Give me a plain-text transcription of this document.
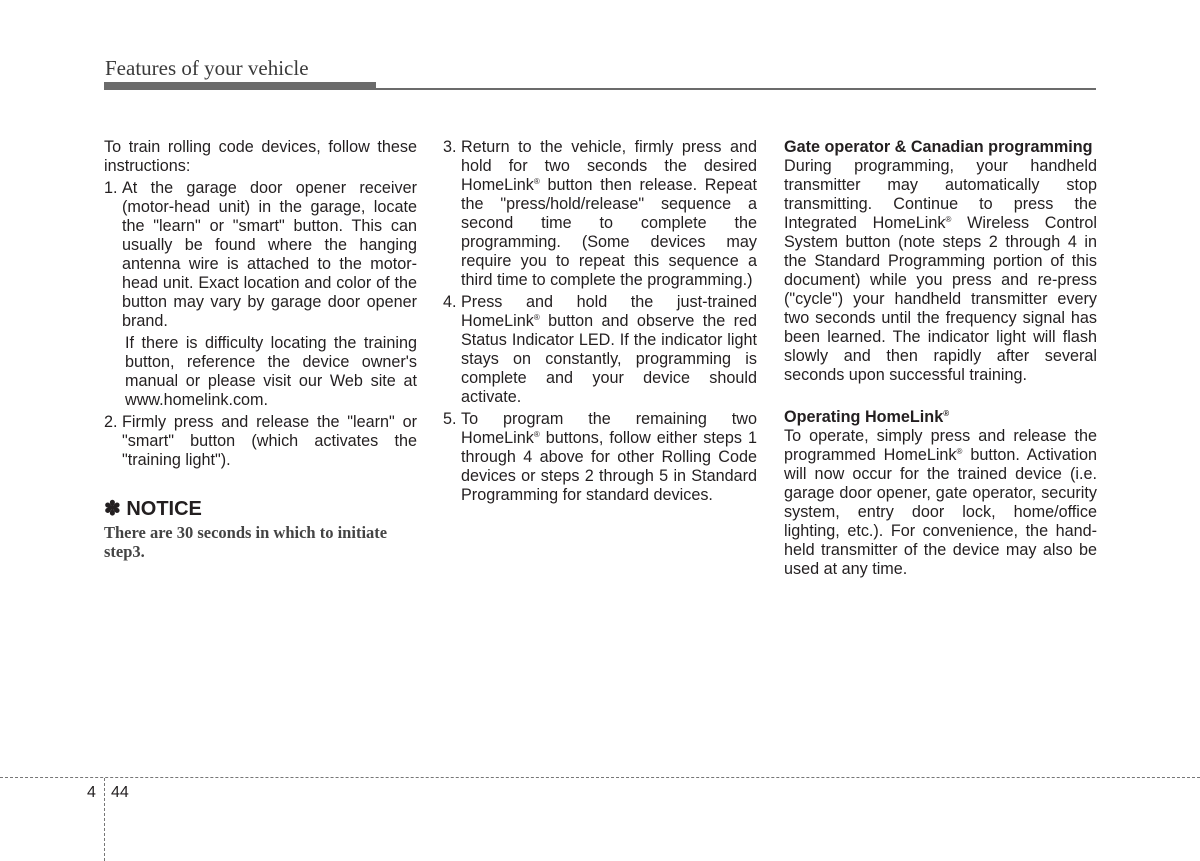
Features of your vehicle

To train rolling code devices, follow these instructions:

1. At the garage door opener receiver (motor-head unit) in the garage, locate the "learn" or "smart" button. This can usually be found where the hanging antenna wire is attached to the motor-head unit. Exact location and color of the button may vary by garage door opener brand.

If there is difficulty locating the training button, reference the device owner's manual or please visit our Web site at www.homelink.com.

2. Firmly press and release the "learn" or "smart" button (which activates the "training light").

✽ NOTICE

There are 30 seconds in which to initiate step3.

3. Return to the vehicle, firmly press and hold for two seconds the desired HomeLink® button then release. Repeat the "press/hold/release" sequence a second time to complete the programming. (Some devices may require you to repeat this sequence a third time to complete the programming.)
4. Press and hold the just-trained HomeLink® button and observe the red Status Indicator LED. If the indicator light stays on constantly, programming is complete and your device should activate.
5. To program the remaining two HomeLink® buttons, follow either steps 1 through 4 above for other Rolling Code devices or steps 2 through 5 in Standard Programming for standard devices.

Gate operator & Canadian programming

During programming, your handheld transmitter may automatically stop transmitting. Continue to press the Integrated HomeLink® Wireless Control System button (note steps 2 through 4 in the Standard Programming portion of this document) while you press and re-press ("cycle") your handheld transmitter every two seconds until the frequency signal has been learned. The indicator light will flash slowly and then rapidly after several seconds upon successful training.

Operating HomeLink®

To operate, simply press and release the programmed HomeLink® button. Activation will now occur for the trained device (i.e. garage door opener, gate operator, security system, entry door lock, home/office lighting, etc.). For convenience, the hand-held transmitter of the device may also be used at any time.

4 44
